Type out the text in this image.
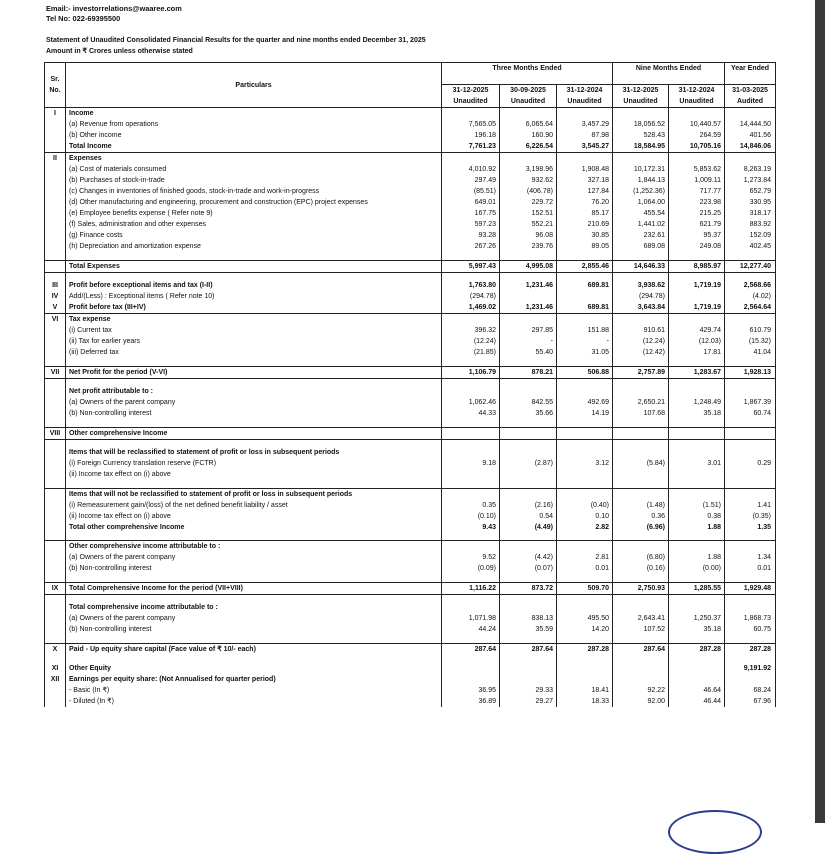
Email:- investorrelations@waaree.com
Tel No: 022-69395500
Statement of Unaudited Consolidated Financial Results for the quarter and nine months ended December 31, 2025
Amount in ₹ Crores unless otherwise stated
Sr. No.	Particulars	Three Months Ended			Nine Months Ended		Year Ended
		31-12-2025	30-09-2025	31-12-2024	31-12-2025	31-12-2024	31-03-2025
		Unaudited	Unaudited	Unaudited	Unaudited	Unaudited	Audited
I	Income						
	(a) Revenue from operations	7,565.05	6,065.64	3,457.29	18,056.52	10,440.57	14,444.50
	(b) Other income	196.18	160.90	87.98	528.43	264.59	401.56
	Total Income	7,761.23	6,226.54	3,545.27	18,584.95	10,705.16	14,846.06
II	Expenses						
	(a) Cost of materials consumed	4,010.92	3,198.96	1,908.48	10,172.31	5,853.62	8,263.19
	(b) Purchases of stock-in-trade	297.49	932.62	327.18	1,844.13	1,009.11	1,273.84
	(c) Changes in inventories of finished goods, stock-in-trade and work-in-progress	(85.51)	(406.78)	127.84	(1,252.36)	717.77	652.79
	(d) Other manufacturing and engineering, procurement and construction (EPC) project expenses	649.01	229.72	76.20	1,064.00	223.98	330.95
	(e) Employee benefits expense ( Refer note 9)	167.75	152.51	85.17	455.54	215.25	318.17
	(f) Sales, administration and other expenses	597.23	552.21	210.69	1,441.02	621.79	883.92
	(g) Finance costs	93.28	96.08	30.85	232.61	95.37	152.09
	(h) Depreciation and amortization expense	267.26	239.76	89.05	689.08	249.08	402.45

	Total Expenses	5,997.43	4,995.08	2,855.46	14,646.33	8,985.97	12,277.40

III	Profit before exceptional items and tax (I-II)	1,763.80	1,231.46	689.81	3,938.62	1,719.19	2,568.66
IV	Add/(Less) : Exceptional items ( Refer note 10)	(294.78)			(294.78)		(4.02)
V	Profit before tax (III+IV)	1,469.02	1,231.46	689.81	3,643.84	1,719.19	2,564.64
VI	Tax expense						
	(i) Current tax	396.32	297.85	151.88	910.61	429.74	610.79
	(ii) Tax for earlier years	(12.24)	-	-	(12.24)	(12.03)	(15.32)
	(iii) Deferred tax	(21.85)	55.40	31.05	(12.42)	17.81	41.04

VII	Net Profit for the period (V-VI)	1,106.79	878.21	506.88	2,757.89	1,283.67	1,928.13

	Net profit attributable to :						
	(a) Owners of the parent company	1,062.46	842.55	492.69	2,650.21	1,248.49	1,867.39
	(b) Non-controlling interest	44.33	35.66	14.19	107.68	35.18	60.74

VIII	Other comprehensive Income						

	Items that will be reclassified to statement of profit or loss in subsequent periods						
	(i) Foreign Currency translation reserve (FCTR)	9.18	(2.87)	3.12	(5.84)	3.01	0.29
	(ii) Income tax effect on (i) above						

	Items that will not be reclassified to statement of profit or loss in subsequent periods						
	(i) Remeasurement gain/(loss) of the net defined benefit liability / asset	0.35	(2.16)	(0.40)	(1.48)	(1.51)	1.41
	(ii) Income tax effect on (i) above	(0.10)	0.54	0.10	0.36	0.38	(0.35)
	Total other comprehensive Income	9.43	(4.49)	2.82	(6.96)	1.88	1.35

	Other comprehensive income attributable to :						
	(a) Owners of the parent company	9.52	(4.42)	2.81	(6.80)	1.88	1.34
	(b) Non-controlling interest	(0.09)	(0.07)	0.01	(0.16)	(0.00)	0.01

IX	Total Comprehensive Income for the period (VII+VIII)	1,116.22	873.72	509.70	2,750.93	1,285.55	1,929.48

	Total comprehensive income attributable to :						
	(a) Owners of the parent company	1,071.98	838.13	495.50	2,643.41	1,250.37	1,868.73
	(b) Non-controlling interest	44.24	35.59	14.20	107.52	35.18	60.75

X	Paid - Up equity share capital (Face value of ₹ 10/- each)	287.64	287.64	287.28	287.64	287.28	287.28

XI	Other Equity						9,191.92
XII	Earnings per equity share: (Not Annualised for quarter period)						
	- Basic (In ₹)	36.95	29.33	18.41	92.22	46.64	68.24
	- Diluted (In ₹)	36.89	29.27	18.33	92.00	46.44	67.96
